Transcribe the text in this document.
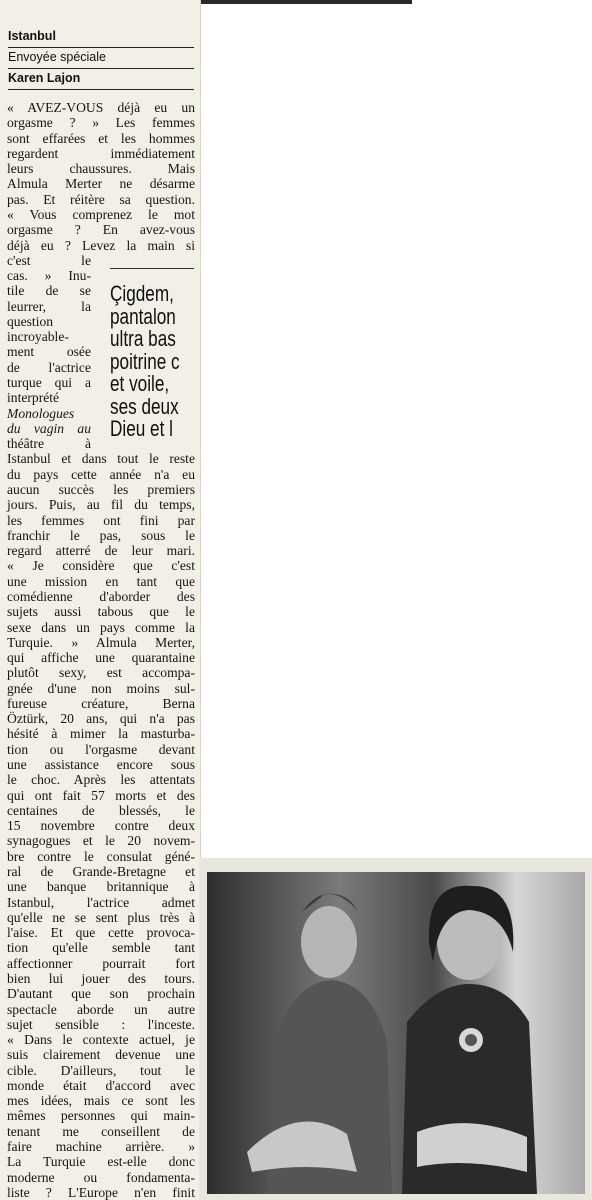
Istanbul
Envoyée spéciale
Karen Lajon
« AVEZ-VOUS déjà eu un
orgasme ? » Les femmes
sont effarées et les hommes
regardent immédiatement
leurs chaussures. Mais
Almula Merter ne désarme
pas. Et réitère sa question.
« Vous comprenez le mot
orgasme ? En avez-vous
déjà eu ? Levez la main si
c'est le
cas. » Inu-
tile de se
leurrer, la
question
incroyable-
ment osée
de l'actrice
turque qui a
interprété
Monologues
du vagin au
théâtre à
Istanbul et dans tout le reste
du pays cette année n'a eu
aucun succès les premiers
jours. Puis, au fil du temps,
les femmes ont fini par
franchir le pas, sous le
regard atterré de leur mari.
« Je considère que c'est
une mission en tant que
comédienne d'aborder des
sujets aussi tabous que le
sexe dans un pays comme la
Turquie. » Almula Merter,
qui affiche une quarantaine
plutôt sexy, est accompa-
gnée d'une non moins sul-
fureuse créature, Berna
Öztürk, 20 ans, qui n'a pas
hésité à mimer la masturba-
tion ou l'orgasme devant
une assistance encore sous
le choc. Après les attentats
qui ont fait 57 morts et des
centaines de blessés, le
15 novembre contre deux
synagogues et le 20 novem-
bre contre le consulat géné-
ral de Grande-Bretagne et
une banque britannique à
Istanbul, l'actrice admet
qu'elle ne se sent plus très à
l'aise. Et que cette provoca-
tion qu'elle semble tant
affectionner pourrait fort
bien lui jouer des tours.
D'autant que son prochain
spectacle aborde un autre
sujet sensible : l'inceste.
« Dans le contexte actuel, je
suis clairement devenue une
cible. D'ailleurs, tout le
monde était d'accord avec
mes idées, mais ce sont les
mêmes personnes qui main-
tenant me conseillent de
faire machine arrière. »
La Turquie est-elle donc
moderne ou fondamenta-
liste ? L'Europe n'en finit
Çigdem,
pantalon
ultra bas
poitrine c
et voile,
ses deux
Dieu et l
